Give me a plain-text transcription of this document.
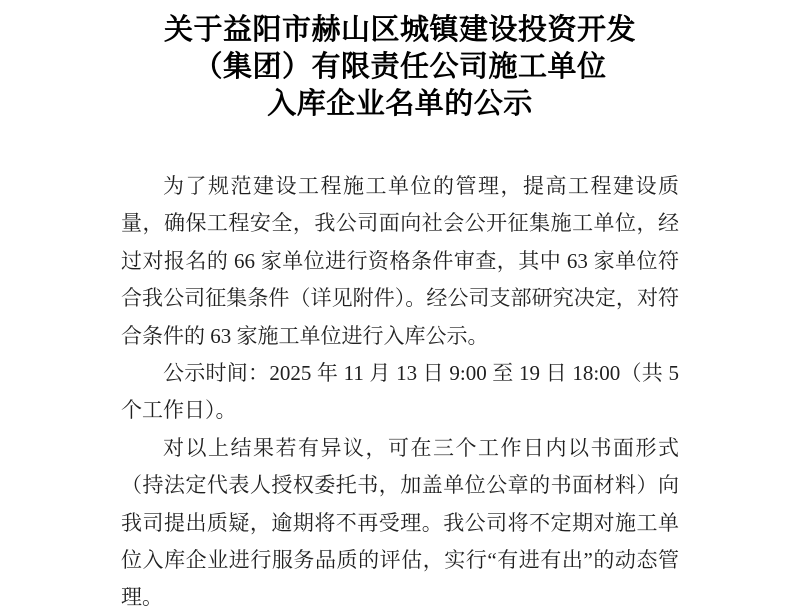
关于益阳市赫山区城镇建设投资开发
（集团）有限责任公司施工单位
入库企业名单的公示

为了规范建设工程施工单位的管理，提高工程建设质量，确保工程安全，我公司面向社会公开征集施工单位，经过对报名的 66 家单位进行资格条件审查，其中 63 家单位符合我公司征集条件（详见附件）。经公司支部研究决定，对符合条件的 63 家施工单位进行入库公示。

公示时间：2025 年 11 月 13 日 9:00 至 19 日 18:00（共 5 个工作日）。

对以上结果若有异议，可在三个工作日内以书面形式（持法定代表人授权委托书，加盖单位公章的书面材料）向我司提出质疑，逾期将不再受理。我公司将不定期对施工单位入库企业进行服务品质的评估，实行“有进有出”的动态管理。
